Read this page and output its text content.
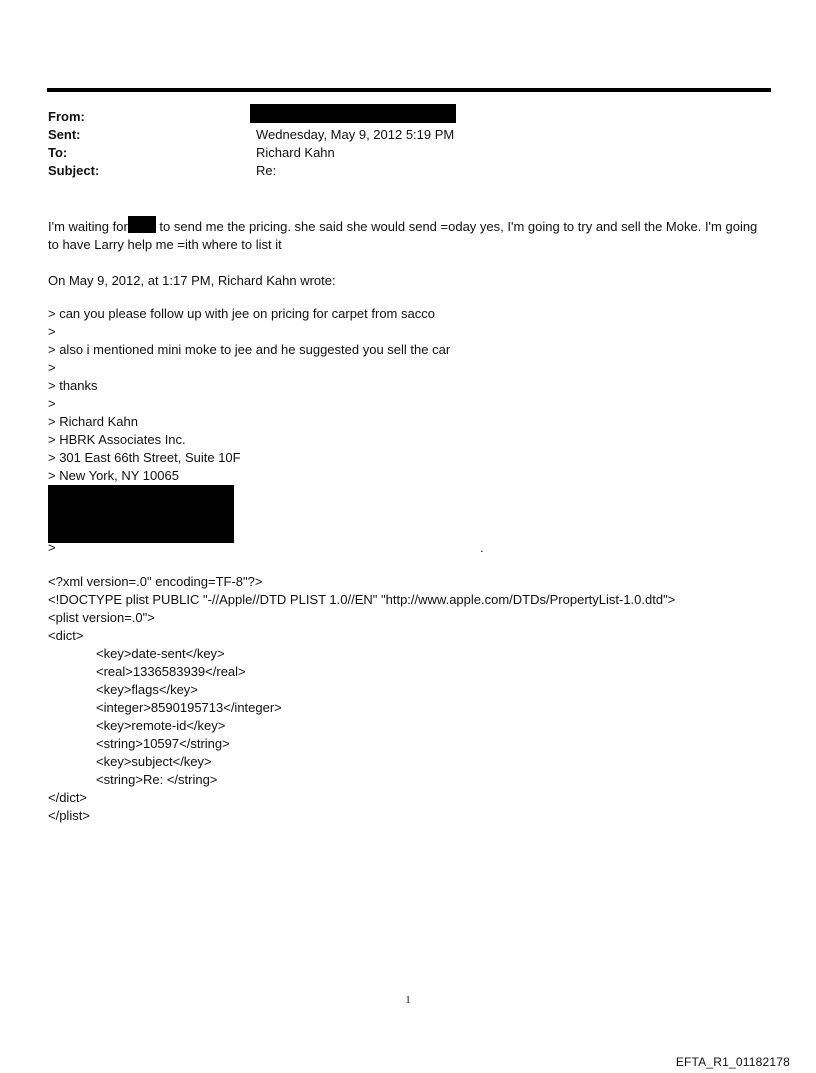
From:
Sent:	Wednesday, May 9, 2012 5:19 PM
To:	Richard Kahn
Subject:	Re:
I'm waiting for to send me the pricing. she said she would send =oday yes, I'm going to try and sell the Moke. I'm going to have Larry help me =ith where to list it
On May 9, 2012, at 1:17 PM, Richard Kahn wrote:
> can you please follow up with jee on pricing for carpet from sacco
>
> also i mentioned mini moke to jee and he suggested you sell the car
>
> thanks
>
> Richard Kahn
> HBRK Associates Inc.
> 301 East 66th Street, Suite 10F
> New York, NY 10065
>	.
<?xml version=.0" encoding=TF-8"?>
<!DOCTYPE plist PUBLIC "-//Apple//DTD PLIST 1.0//EN" "http://www.apple.com/DTDs/PropertyList-1.0.dtd">
<plist version=.0">
<dict>
<key>date-sent</key>
<real>1336583939</real>
<key>flags</key>
<integer>8590195713</integer>
<key>remote-id</key>
<string>10597</string>
<key>subject</key>
<string>Re: </string>
</dict>
</plist>
1
EFTA_R1_01182178
